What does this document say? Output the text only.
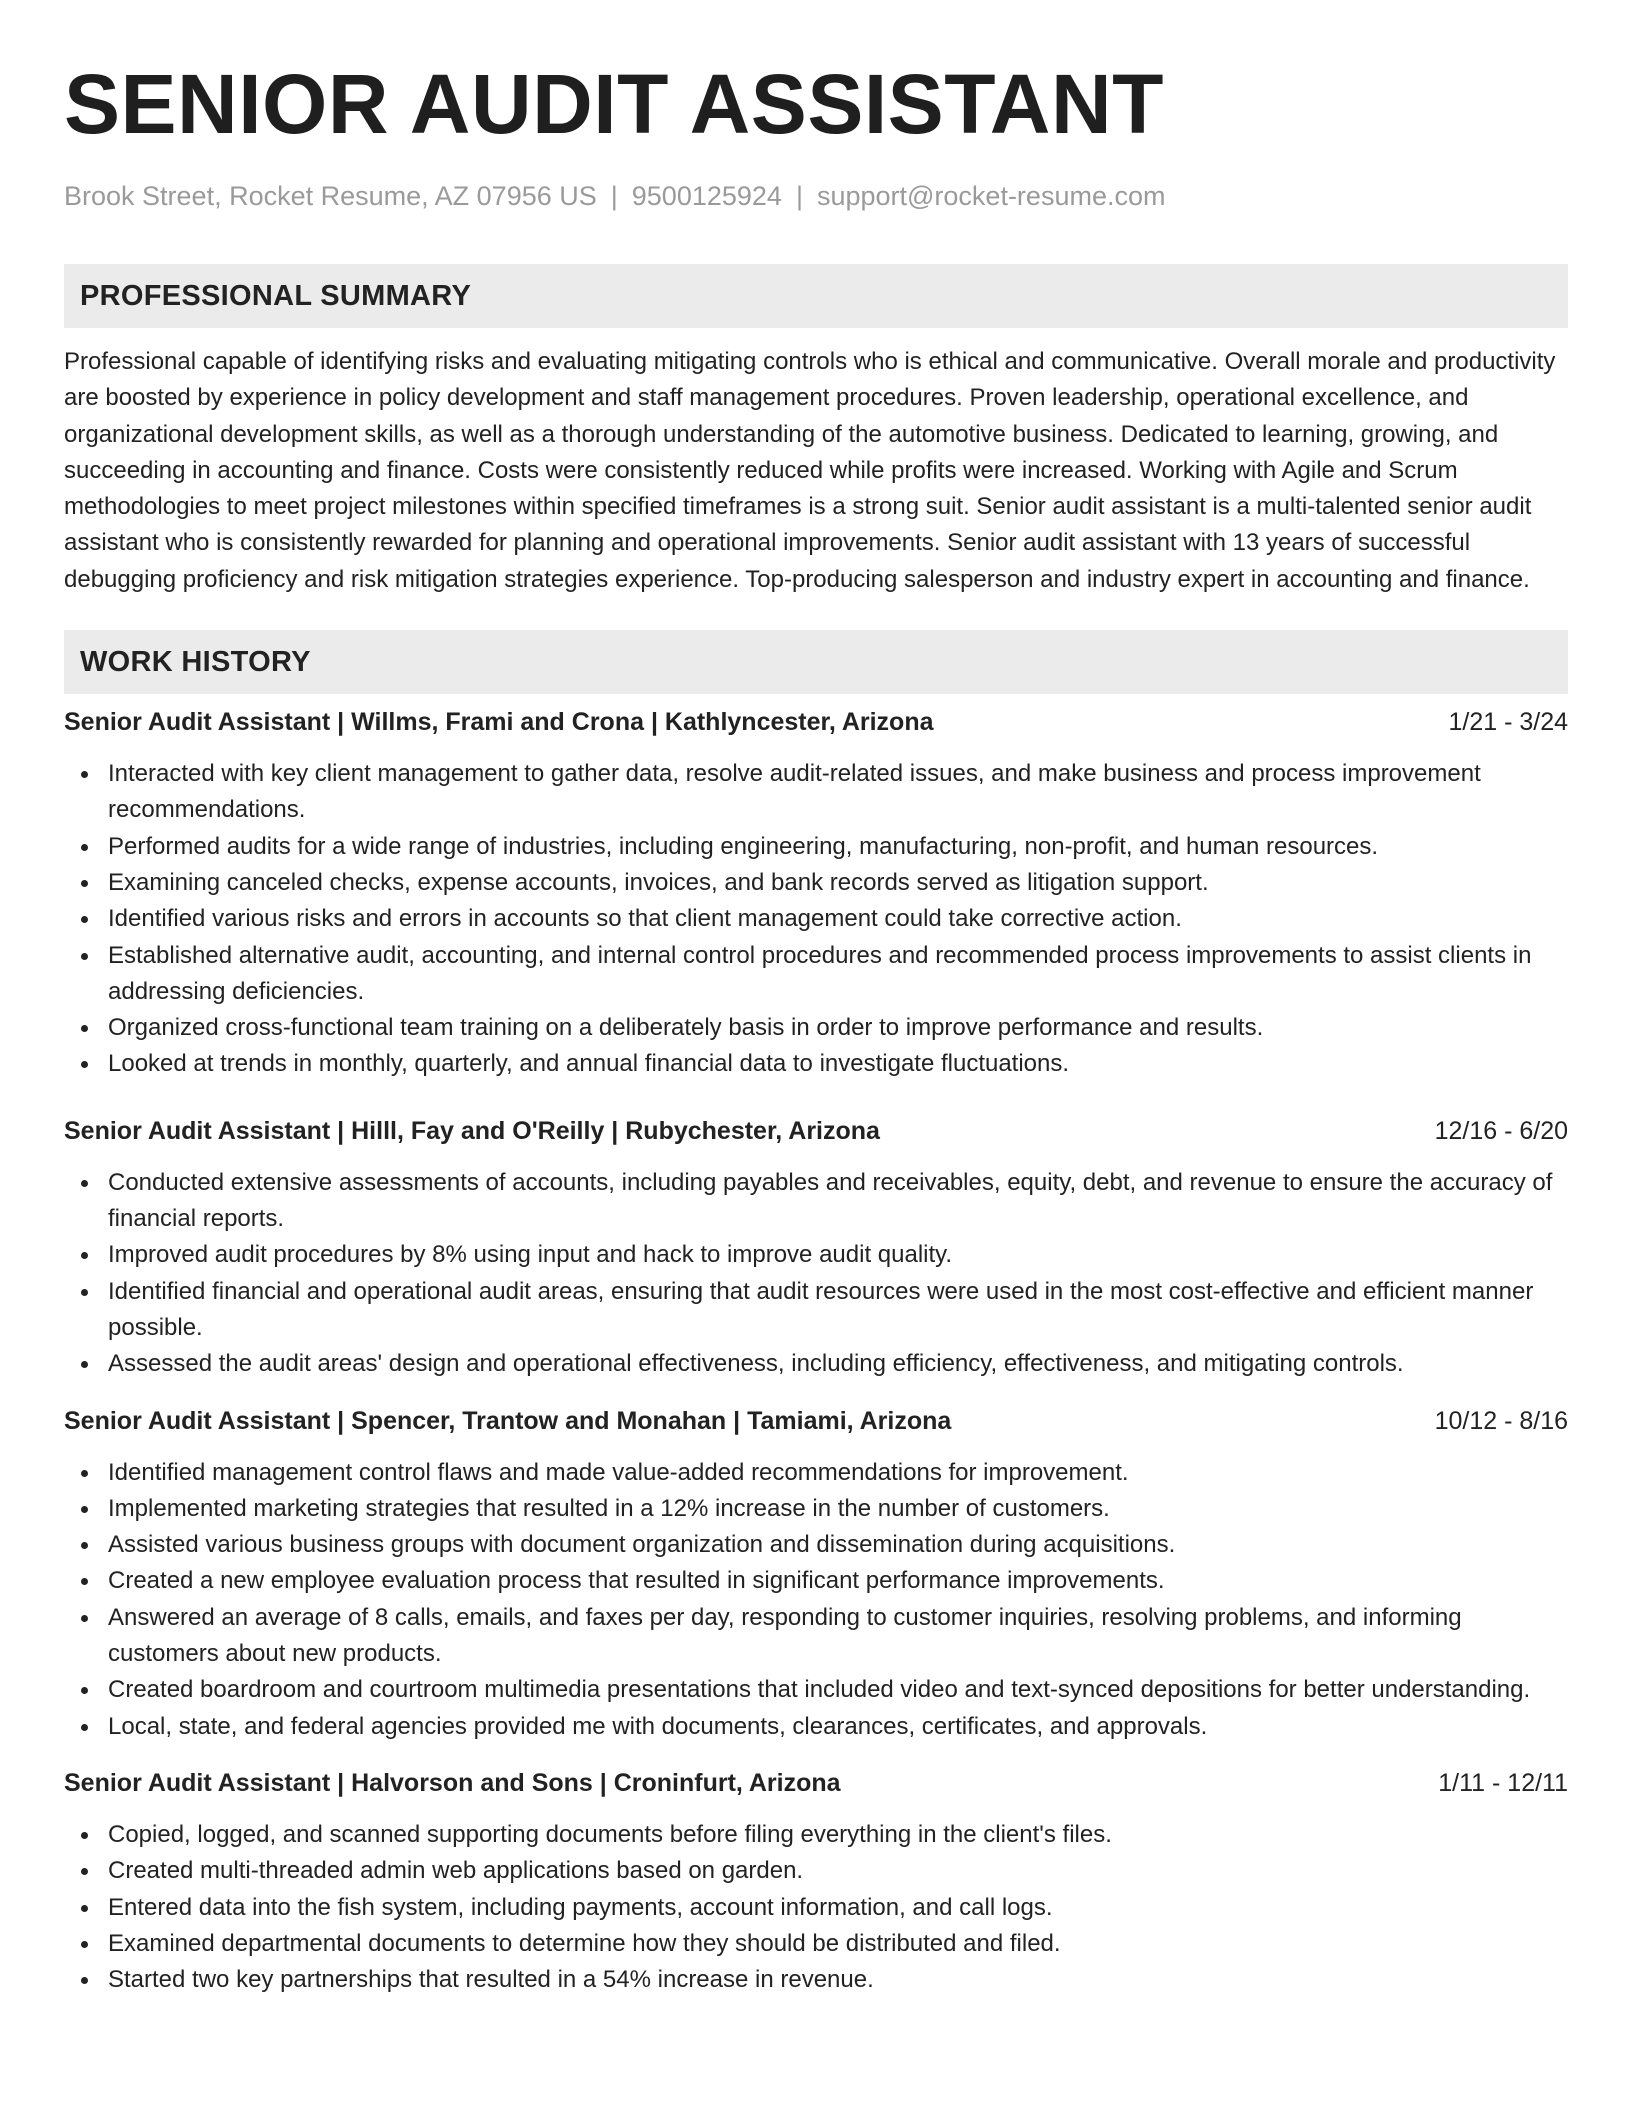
SENIOR AUDIT ASSISTANT
Brook Street, Rocket Resume, AZ 07956 US | 9500125924 | support@rocket-resume.com
PROFESSIONAL SUMMARY
Professional capable of identifying risks and evaluating mitigating controls who is ethical and communicative. Overall morale and productivity are boosted by experience in policy development and staff management procedures. Proven leadership, operational excellence, and organizational development skills, as well as a thorough understanding of the automotive business. Dedicated to learning, growing, and succeeding in accounting and finance. Costs were consistently reduced while profits were increased. Working with Agile and Scrum methodologies to meet project milestones within specified timeframes is a strong suit. Senior audit assistant is a multi-talented senior audit assistant who is consistently rewarded for planning and operational improvements. Senior audit assistant with 13 years of successful debugging proficiency and risk mitigation strategies experience. Top-producing salesperson and industry expert in accounting and finance.
WORK HISTORY
Senior Audit Assistant | Willms, Frami and Crona | Kathlyncester, Arizona	1/21 - 3/24
Interacted with key client management to gather data, resolve audit-related issues, and make business and process improvement recommendations.
Performed audits for a wide range of industries, including engineering, manufacturing, non-profit, and human resources.
Examining canceled checks, expense accounts, invoices, and bank records served as litigation support.
Identified various risks and errors in accounts so that client management could take corrective action.
Established alternative audit, accounting, and internal control procedures and recommended process improvements to assist clients in addressing deficiencies.
Organized cross-functional team training on a deliberately basis in order to improve performance and results.
Looked at trends in monthly, quarterly, and annual financial data to investigate fluctuations.
Senior Audit Assistant | Hilll, Fay and O'Reilly | Rubychester, Arizona	12/16 - 6/20
Conducted extensive assessments of accounts, including payables and receivables, equity, debt, and revenue to ensure the accuracy of financial reports.
Improved audit procedures by 8% using input and hack to improve audit quality.
Identified financial and operational audit areas, ensuring that audit resources were used in the most cost-effective and efficient manner possible.
Assessed the audit areas' design and operational effectiveness, including efficiency, effectiveness, and mitigating controls.
Senior Audit Assistant | Spencer, Trantow and Monahan | Tamiami, Arizona	10/12 - 8/16
Identified management control flaws and made value-added recommendations for improvement.
Implemented marketing strategies that resulted in a 12% increase in the number of customers.
Assisted various business groups with document organization and dissemination during acquisitions.
Created a new employee evaluation process that resulted in significant performance improvements.
Answered an average of 8 calls, emails, and faxes per day, responding to customer inquiries, resolving problems, and informing customers about new products.
Created boardroom and courtroom multimedia presentations that included video and text-synced depositions for better understanding.
Local, state, and federal agencies provided me with documents, clearances, certificates, and approvals.
Senior Audit Assistant | Halvorson and Sons | Croninfurt, Arizona	1/11 - 12/11
Copied, logged, and scanned supporting documents before filing everything in the client's files.
Created multi-threaded admin web applications based on garden.
Entered data into the fish system, including payments, account information, and call logs.
Examined departmental documents to determine how they should be distributed and filed.
Started two key partnerships that resulted in a 54% increase in revenue.
